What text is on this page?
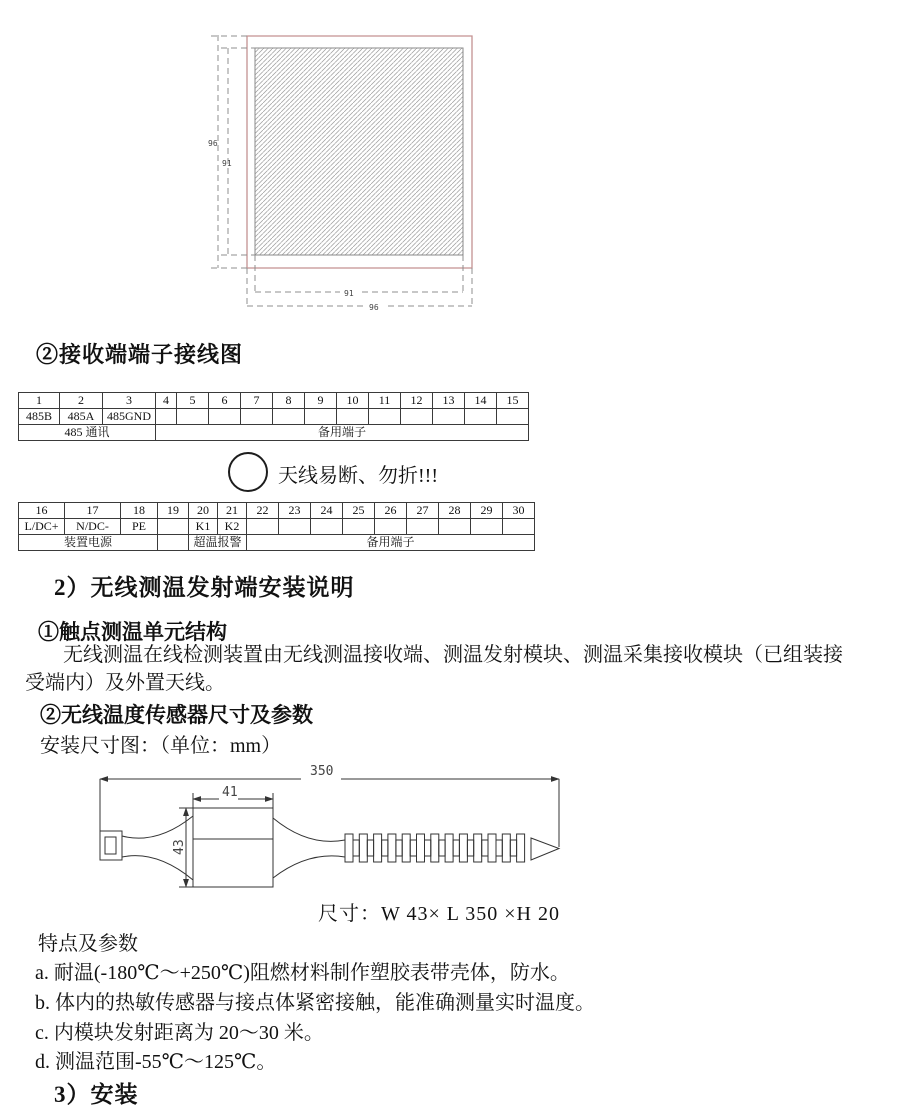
96
91
91
96
②接收端端子接线图
1	2	3	4	5	6	7	8	9	10	11	12	13	14	15
485B	485A	485GND												
485 通讯			备用端子											
天线易断、勿折!!!
16	17	18	19	20	21	22	23	24	25	26	27	28	29	30
L/DC+	N/DC-	PE		K1	K2									
装置电源				超温报警		备用端子								
2）无线测温发射端安装说明
①触点测温单元结构
无线测温在线检测装置由无线测温接收端、测温发射模块、测温采集接收模块（已组装接受端内）及外置天线。
②无线温度传感器尺寸及参数
安装尺寸图：（单位：mm）
350
41
43
尺寸：W 43× L 350 ×H 20
特点及参数
a. 耐温(-180℃～+250℃)阻燃材料制作塑胶表带壳体，防水。
b. 体内的热敏传感器与接点体紧密接触，能准确测量实时温度。
c. 内模块发射距离为 20～30 米。
d. 测温范围-55℃～125℃。
3）安装
